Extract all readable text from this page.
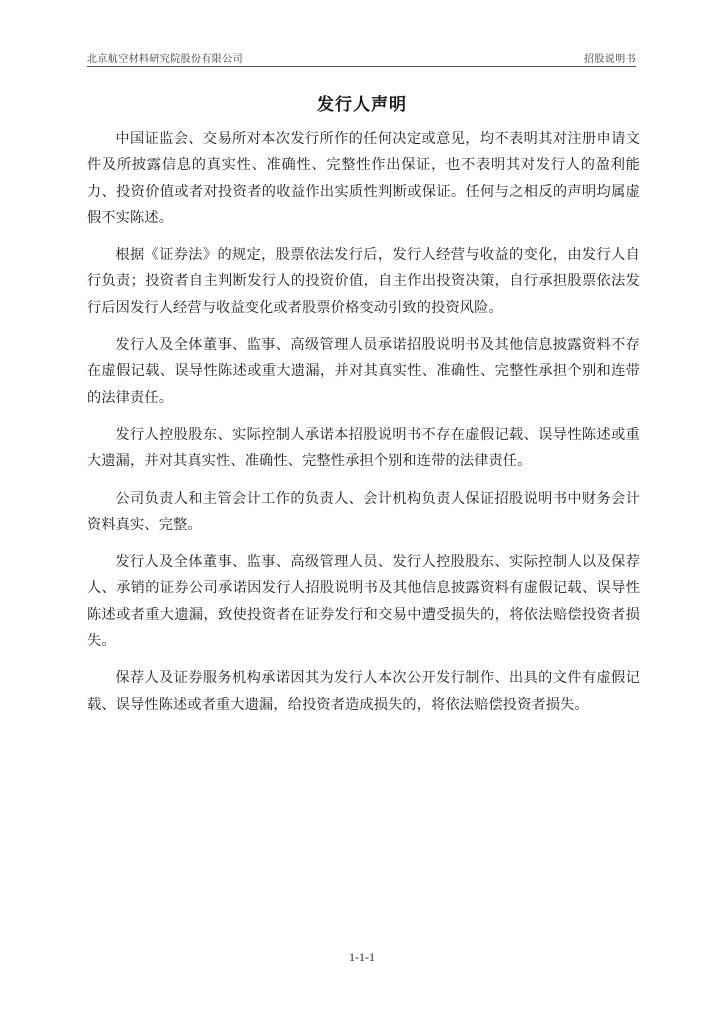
北京航空材料研究院股份有限公司	招股说明书
发行人声明

中国证监会、交易所对本次发行所作的任何决定或意见，均不表明其对注册申请文件及所披露信息的真实性、准确性、完整性作出保证，也不表明其对发行人的盈利能力、投资价值或者对投资者的收益作出实质性判断或保证。任何与之相反的声明均属虚假不实陈述。

根据《证券法》的规定，股票依法发行后，发行人经营与收益的变化，由发行人自行负责；投资者自主判断发行人的投资价值，自主作出投资决策，自行承担股票依法发行后因发行人经营与收益变化或者股票价格变动引致的投资风险。

发行人及全体董事、监事、高级管理人员承诺招股说明书及其他信息披露资料不存在虚假记载、误导性陈述或重大遗漏，并对其真实性、准确性、完整性承担个别和连带的法律责任。

发行人控股股东、实际控制人承诺本招股说明书不存在虚假记载、误导性陈述或重大遗漏，并对其真实性、准确性、完整性承担个别和连带的法律责任。

公司负责人和主管会计工作的负责人、会计机构负责人保证招股说明书中财务会计资料真实、完整。

发行人及全体董事、监事、高级管理人员、发行人控股股东、实际控制人以及保荐人、承销的证券公司承诺因发行人招股说明书及其他信息披露资料有虚假记载、误导性陈述或者重大遗漏，致使投资者在证券发行和交易中遭受损失的，将依法赔偿投资者损失。

保荐人及证券服务机构承诺因其为发行人本次公开发行制作、出具的文件有虚假记载、误导性陈述或者重大遗漏，给投资者造成损失的，将依法赔偿投资者损失。

1-1-1
